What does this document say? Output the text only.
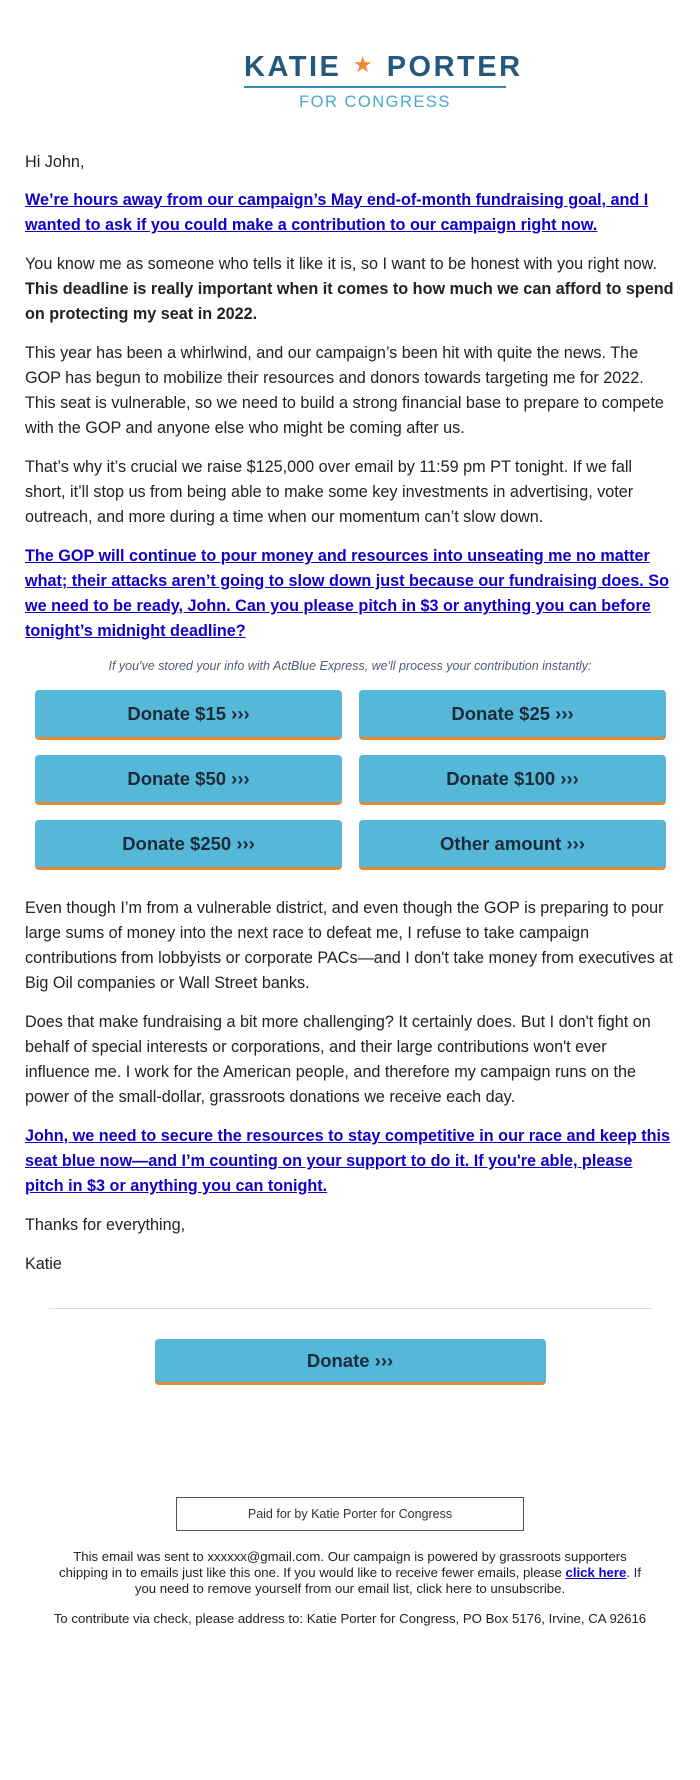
KATIE ★ PORTER
FOR CONGRESS

Hi John,

We’re hours away from our campaign’s May end-of-month fundraising goal, and I wanted to ask if you could make a contribution to our campaign right now.

You know me as someone who tells it like it is, so I want to be honest with you right now. This deadline is really important when it comes to how much we can afford to spend on protecting my seat in 2022.

This year has been a whirlwind, and our campaign’s been hit with quite the news. The GOP has begun to mobilize their resources and donors towards targeting me for 2022. This seat is vulnerable, so we need to build a strong financial base to prepare to compete with the GOP and anyone else who might be coming after us.

That’s why it’s crucial we raise $125,000 over email by 11:59 pm PT tonight. If we fall short, it’ll stop us from being able to make some key investments in advertising, voter outreach, and more during a time when our momentum can’t slow down.

The GOP will continue to pour money and resources into unseating me no matter what; their attacks aren’t going to slow down just because our fundraising does. So we need to be ready, John. Can you please pitch in $3 or anything you can before tonight’s midnight deadline?

If you've stored your info with ActBlue Express, we'll process your contribution instantly:
Donate $15 ›››	Donate $25 ›››
Donate $50 ›››	Donate $100 ›››
Donate $250 ›››	Other amount ›››

Even though I’m from a vulnerable district, and even though the GOP is preparing to pour large sums of money into the next race to defeat me, I refuse to take campaign contributions from lobbyists or corporate PACs—and I don't take money from executives at Big Oil companies or Wall Street banks.

Does that make fundraising a bit more challenging? It certainly does. But I don't fight on behalf of special interests or corporations, and their large contributions won't ever influence me. I work for the American people, and therefore my campaign runs on the power of the small-dollar, grassroots donations we receive each day.

John, we need to secure the resources to stay competitive in our race and keep this seat blue now—and I’m counting on your support to do it. If you're able, please pitch in $3 or anything you can tonight.

Thanks for everything,

Katie

Donate ›››
Paid for by Katie Porter for Congress
This email was sent to xxxxxx@gmail.com. Our campaign is powered by grassroots supporters chipping in to emails just like this one. If you would like to receive fewer emails, please click here. If you need to remove yourself from our email list, click here to unsubscribe.
To contribute via check, please address to: Katie Porter for Congress, PO Box 5176, Irvine, CA 92616
